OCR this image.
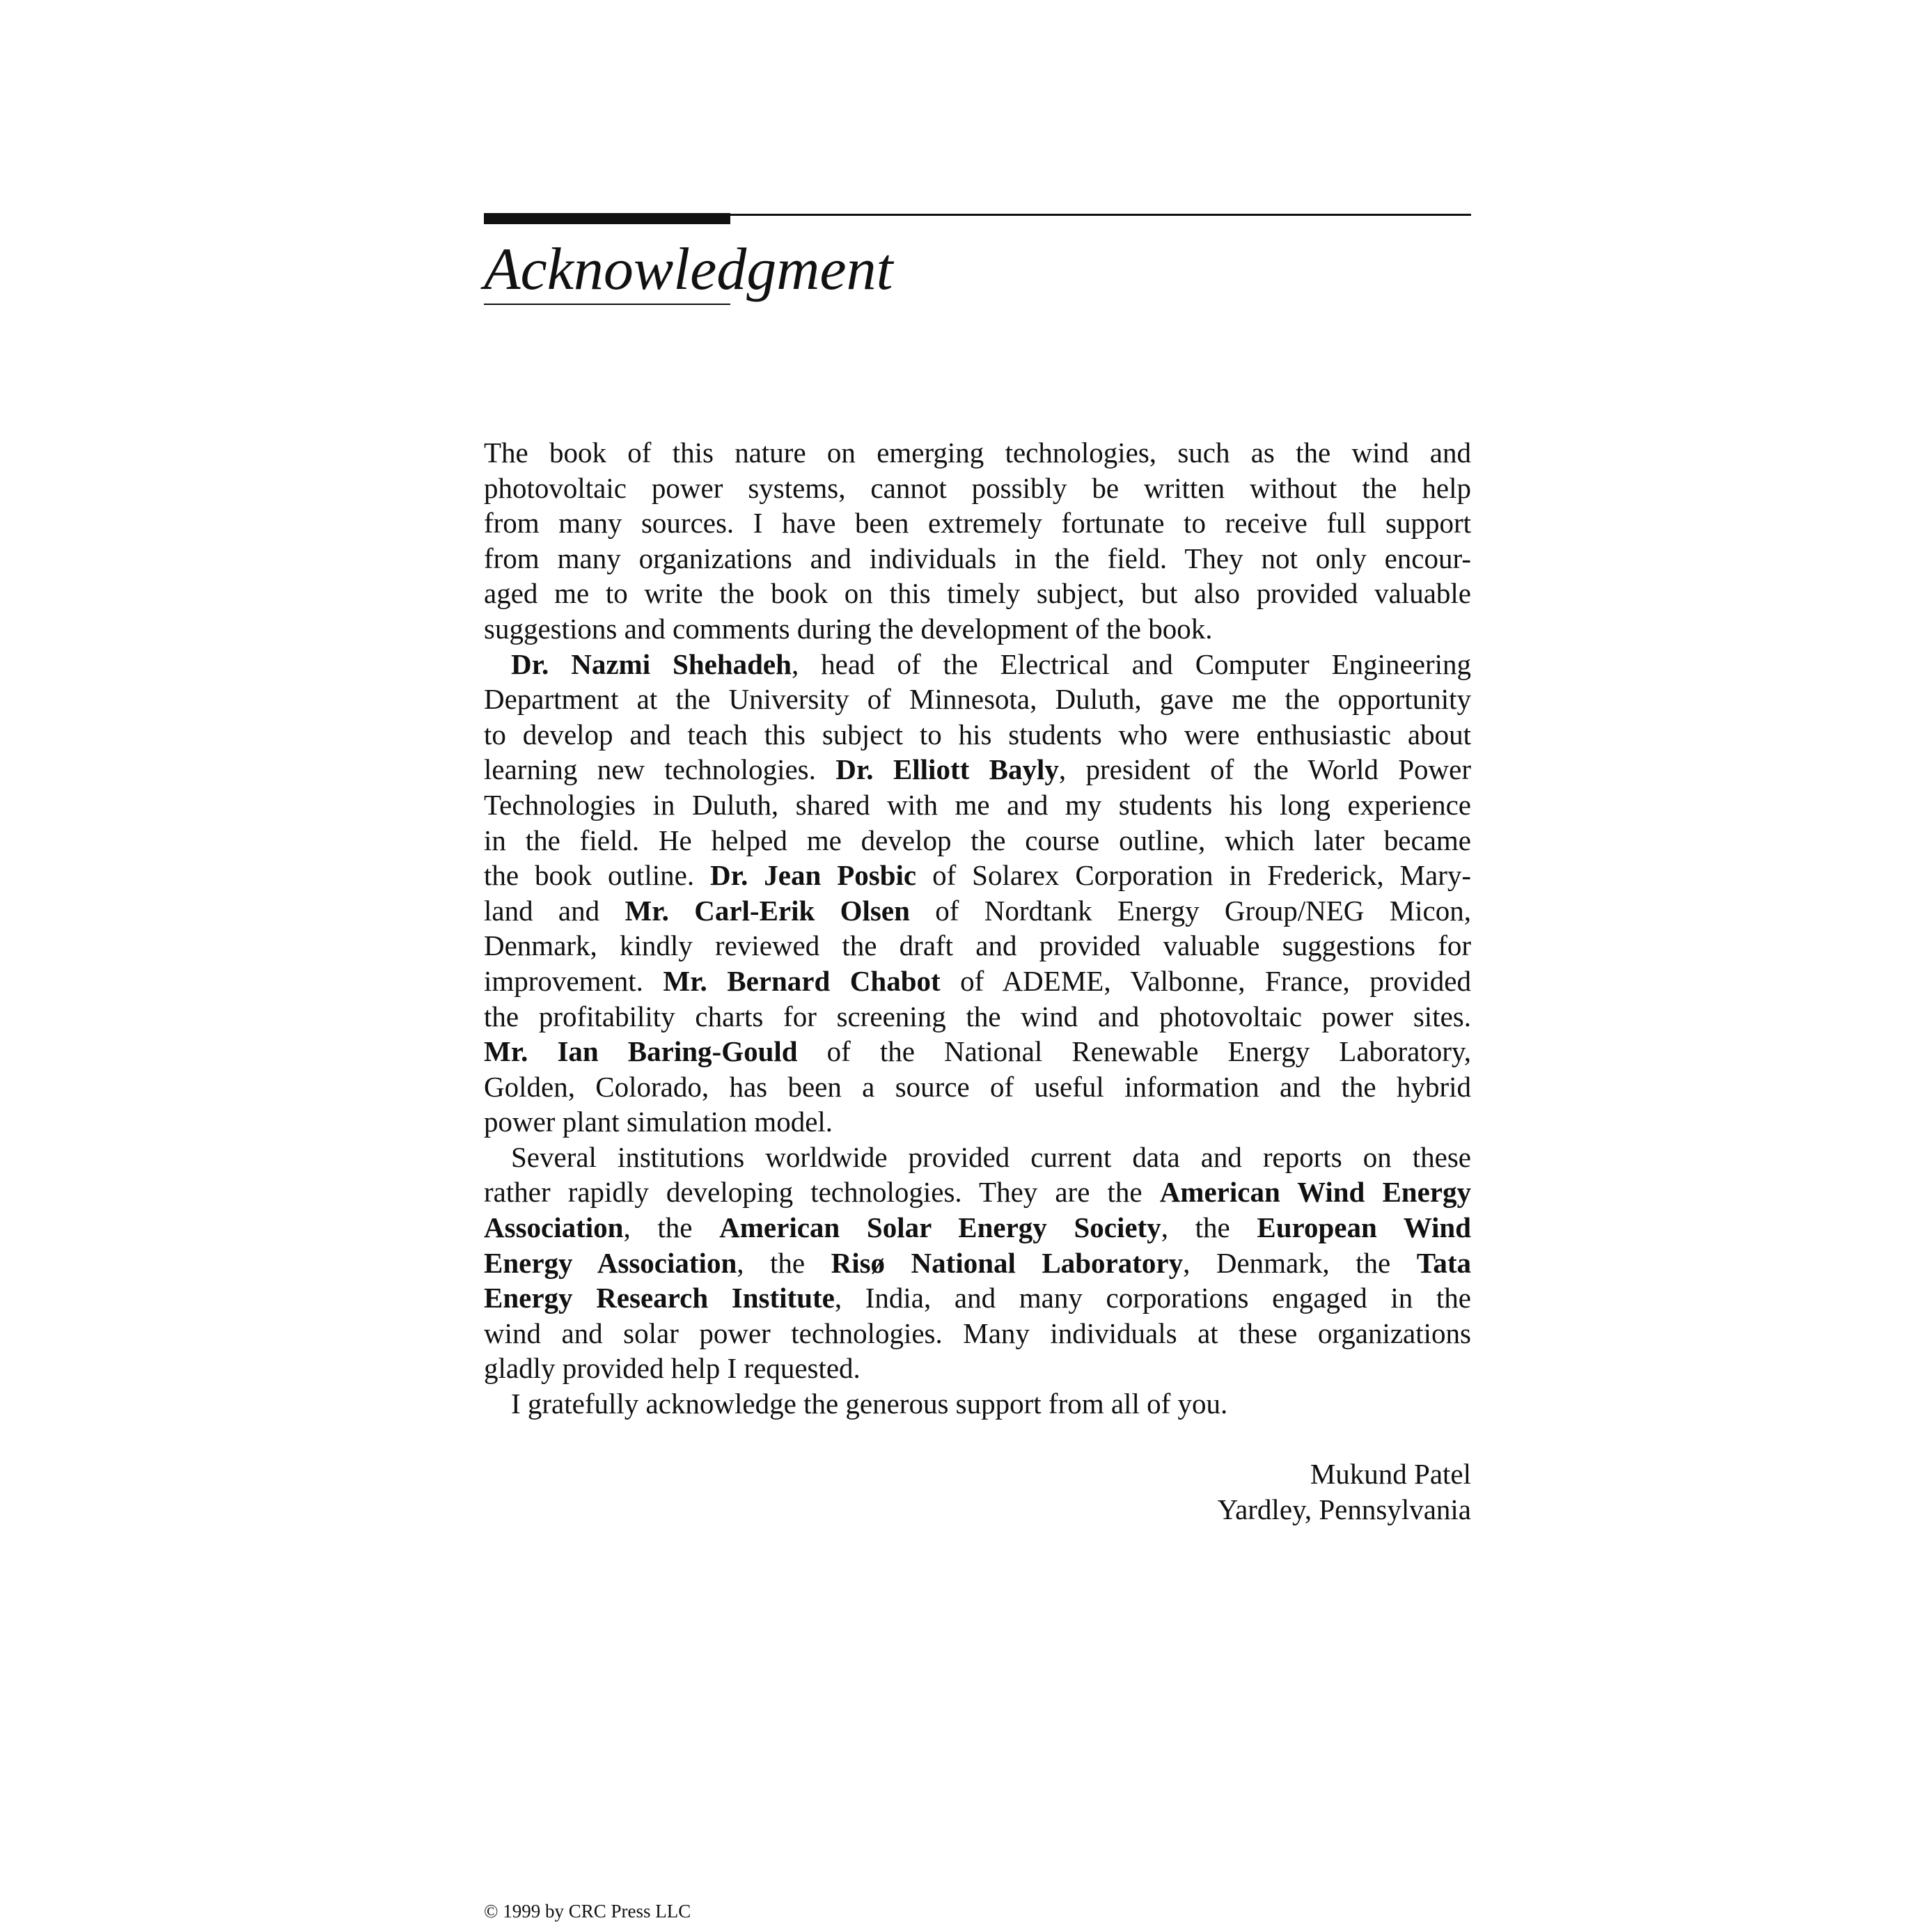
Acknowledgment
The book of this nature on emerging technologies, such as the wind and
photovoltaic power systems, cannot possibly be written without the help
from many sources. I have been extremely fortunate to receive full support
from many organizations and individuals in the field. They not only encour-
aged me to write the book on this timely subject, but also provided valuable
suggestions and comments during the development of the book.
Dr. Nazmi Shehadeh, head of the Electrical and Computer Engineering
Department at the University of Minnesota, Duluth, gave me the opportunity
to develop and teach this subject to his students who were enthusiastic about
learning new technologies. Dr. Elliott Bayly, president of the World Power
Technologies in Duluth, shared with me and my students his long experience
in the field. He helped me develop the course outline, which later became
the book outline. Dr. Jean Posbic of Solarex Corporation in Frederick, Mary-
land and Mr. Carl-Erik Olsen of Nordtank Energy Group/NEG Micon,
Denmark, kindly reviewed the draft and provided valuable suggestions for
improvement. Mr. Bernard Chabot of ADEME, Valbonne, France, provided
the profitability charts for screening the wind and photovoltaic power sites.
Mr. Ian Baring-Gould of the National Renewable Energy Laboratory,
Golden, Colorado, has been a source of useful information and the hybrid
power plant simulation model.
Several institutions worldwide provided current data and reports on these
rather rapidly developing technologies. They are the American Wind Energy
Association, the American Solar Energy Society, the European Wind
Energy Association, the Risø National Laboratory, Denmark, the Tata
Energy Research Institute, India, and many corporations engaged in the
wind and solar power technologies. Many individuals at these organizations
gladly provided help I requested.
I gratefully acknowledge the generous support from all of you.
Mukund Patel
Yardley, Pennsylvania
© 1999 by CRC Press LLC
